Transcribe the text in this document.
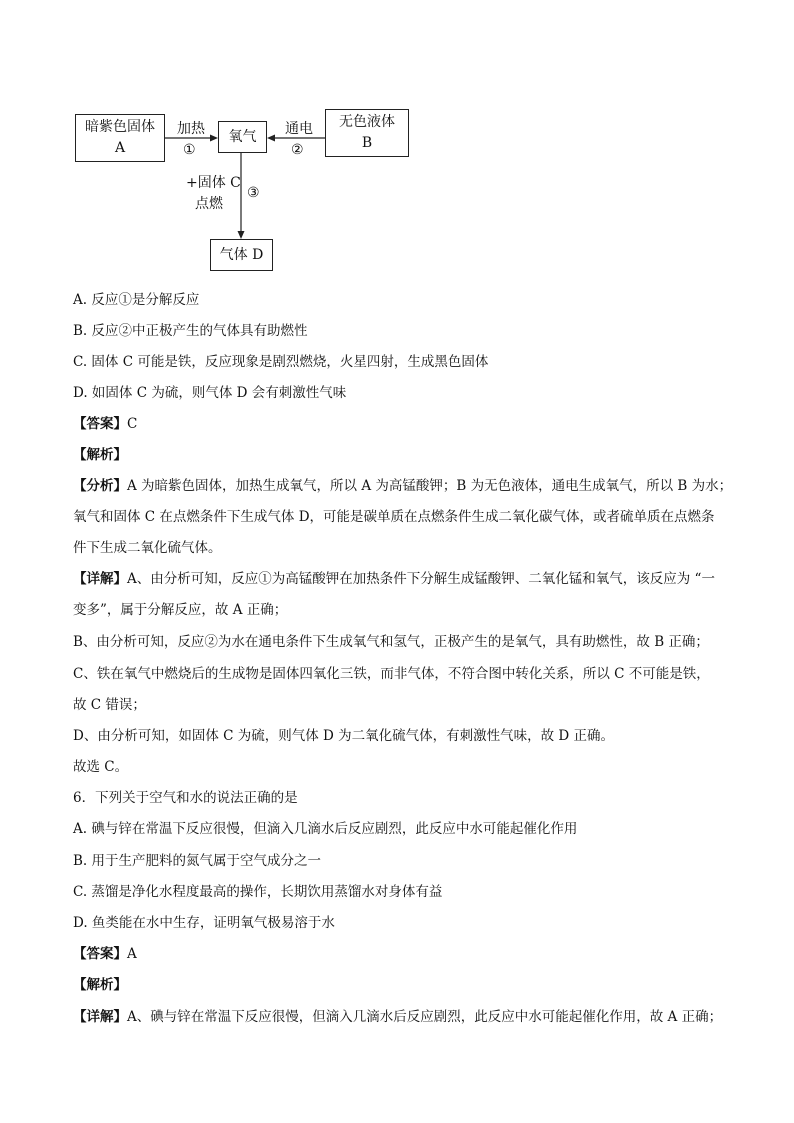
暗紫色固体
A
氧气
无色液体
B
气体 D
加热
①
通电
②
+固体 C
点燃
③
A. 反应①是分解反应
B. 反应②中正极产生的气体具有助燃性
C. 固体 C 可能是铁，反应现象是剧烈燃烧，火星四射，生成黑色固体
D. 如固体 C 为硫，则气体 D 会有刺激性气味
【答案】C
【解析】
【分析】A 为暗紫色固体，加热生成氧气，所以 A 为高锰酸钾；B 为无色液体，通电生成氧气，所以 B 为水；
氧气和固体 C 在点燃条件下生成气体 D，可能是碳单质在点燃条件生成二氧化碳气体，或者硫单质在点燃条
件下生成二氧化硫气体。
【详解】A、由分析可知，反应①为高锰酸钾在加热条件下分解生成锰酸钾、二氧化锰和氧气，该反应为 “一
变多”，属于分解反应，故 A 正确；
B、由分析可知，反应②为水在通电条件下生成氧气和氢气，正极产生的是氧气，具有助燃性，故 B 正确；
C、铁在氧气中燃烧后的生成物是固体四氧化三铁，而非气体，不符合图中转化关系，所以 C 不可能是铁，
故 C 错误；
D、由分析可知，如固体 C 为硫，则气体 D 为二氧化硫气体，有刺激性气味，故 D 正确。
故选 C。
6．下列关于空气和水的说法正确的是
A. 碘与锌在常温下反应很慢，但滴入几滴水后反应剧烈，此反应中水可能起催化作用
B. 用于生产肥料的氮气属于空气成分之一
C. 蒸馏是净化水程度最高的操作，长期饮用蒸馏水对身体有益
D. 鱼类能在水中生存，证明氧气极易溶于水
【答案】A
【解析】
【详解】A、碘与锌在常温下反应很慢，但滴入几滴水后反应剧烈，此反应中水可能起催化作用，故 A 正确；
